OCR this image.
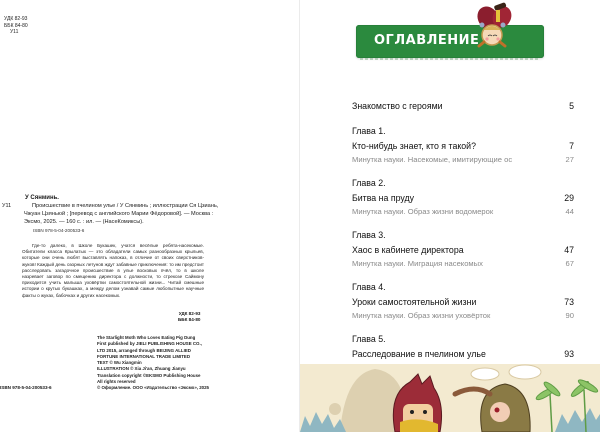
УДК 82-93
ББК 84-80
У11
У Сянминь.
У11	Происшествие в пчелином улье / У Сянминь ; иллюстрации Ся Цзиань, Чжуан Цзяньюй ; [перевод с английского Марии Фёдоровой]. — Москва : Эксмо, 2025. — 160 с. : ил. — (НасеКомиксы).
ISBN 978-5-04-200533-6
Где-то далеко, в Школе Букашек, учатся весёлые ребята-насекомые. Обитатели класса Крылатых — это обладатели самых разнообразных крыльев, которые они очень любят выставлять напоказ, в отличие от своих сверстников-жуков! Каждый день озорных летунов ждут забавные приключения: то им предстоит расследовать загадочное происшествие в улье восковых пчёл, то в школе назревает заговор по смещению директора с должности, то стрекозе Саймону приходится учить малыша уховёртки самостоятельной жизни... Читай смешные истории о крутых букашках, а между делом узнавай самые любопытные научные факты о жуках, бабочках и других насекомых.
УДК 82-93
ББК 84-80
The Starlight Moth Who Loves Eating Pig Dung
First published by JIELI PUBLISHING HOUSE CO.,
LTD 2015, arranged through BEIJING ALLIED
FORTUNE INTERNATIONAL TRADE LIMITED
TEXT © Wu Xiangmin
ILLUSTRATION © Xia Ji'an, Zhuang Jianyu
Translation copyright ©EKSMO Publishing House
All rights reserved
© Оформление. ООО «Издательство «Эксмо», 2025
ISBN 978-5-04-200533-6
ОГЛАВЛЕНИЕ
Знакомство с героями	5
Глава 1.
Кто-нибудь знает, кто я такой?	7
Минутка науки. Насекомые, имитирующие ос	27
Глава 2.
Битва на пруду	29
Минутка науки. Образ жизни водомерок	44
Глава 3.
Хаос в кабинете директора	47
Минутка науки. Миграция насекомых	67
Глава 4.
Уроки самостоятельной жизни	73
Минутка науки. Образ жизни уховёрток	90
Глава 5.
Расследование в пчелином улье	93
